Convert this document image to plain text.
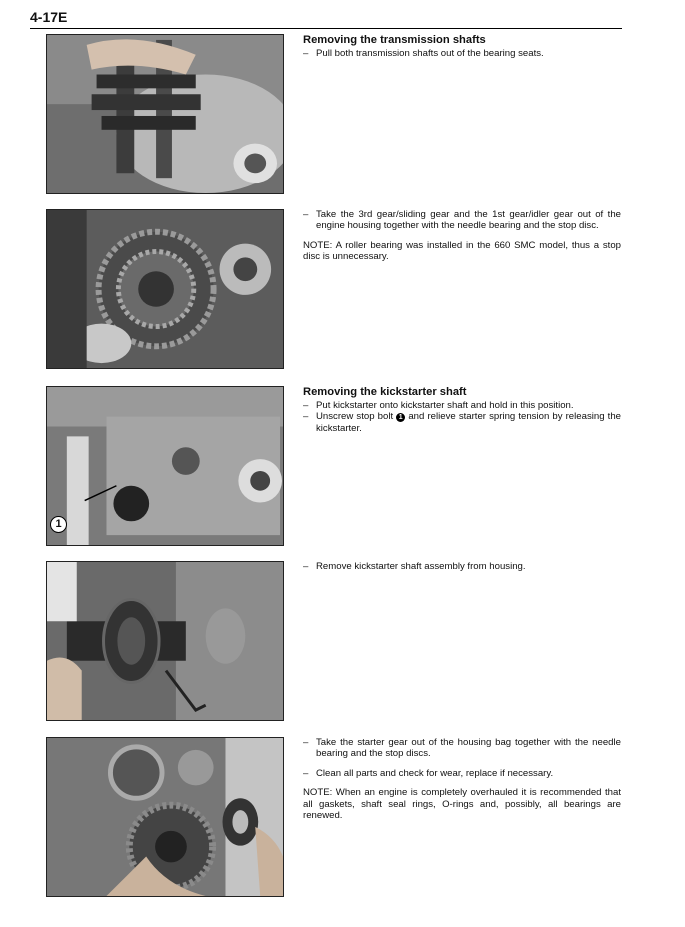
4-17E
Removing the transmission shafts
– Pull both transmission shafts out of the bearing seats.
– Take the 3rd gear/sliding gear and the 1st gear/idler gear out of the engine housing together with the needle bearing and the stop disc.
NOTE: A roller bearing was installed in the 660 SMC model, thus a stop disc is unnecessary.
1
Removing the kickstarter shaft
– Put kickstarter onto kickstarter shaft and hold in this position.
– Unscrew stop bolt 1 and relieve starter spring tension by releasing the kickstarter.
– Remove kickstarter shaft assembly from housing.
– Take the starter gear out of the housing bag together with the needle bearing and the stop discs.
– Clean all parts and check for wear, replace if necessary.
NOTE: When an engine is completely overhauled it is recommended that all gaskets, shaft seal rings, O-rings and, possibly, all bearings are renewed.
